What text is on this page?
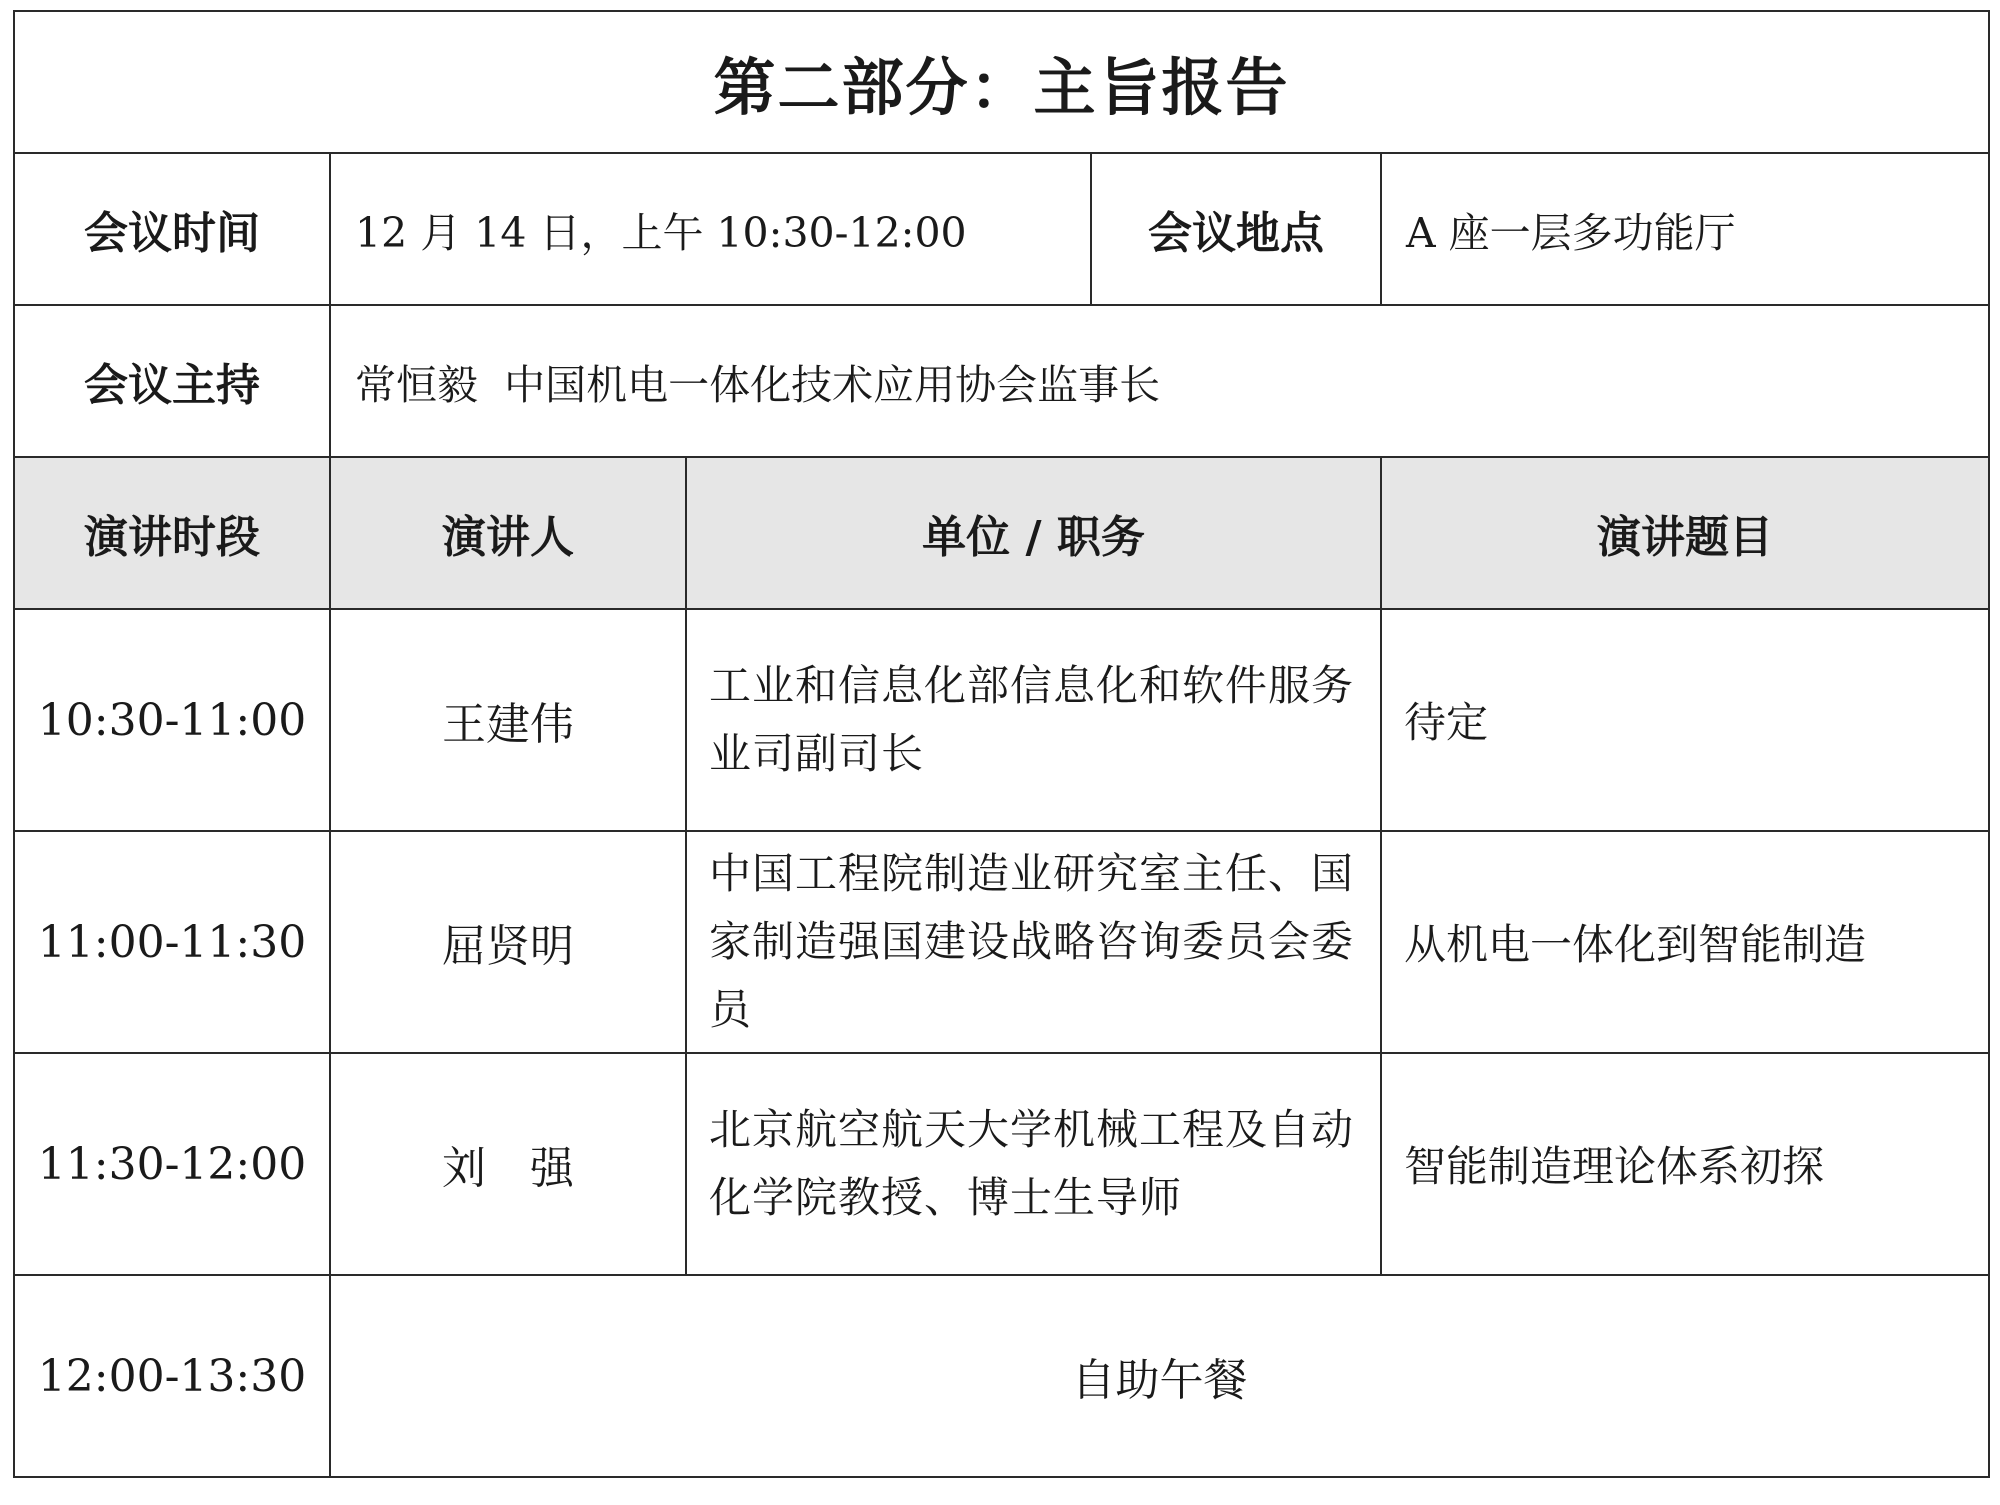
第二部分：主旨报告				
会议时间	12 月 14 日，上午 10:30-12:00		会议地点	A 座一层多功能厅
会议主持	常恒毅  中国机电一体化技术应用协会监事长			
演讲时段	演讲人	单位 / 职务		演讲题目
10:30-11:00	王建伟	工业和信息化部信息化和软件服务业司副司长		待定
11:00-11:30	屈贤明	中国工程院制造业研究室主任、国家制造强国建设战略咨询委员会委员		从机电一体化到智能制造
11:30-12:00	刘　强	北京航空航天大学机械工程及自动化学院教授、博士生导师		智能制造理论体系初探
12:00-13:30	自助午餐			
